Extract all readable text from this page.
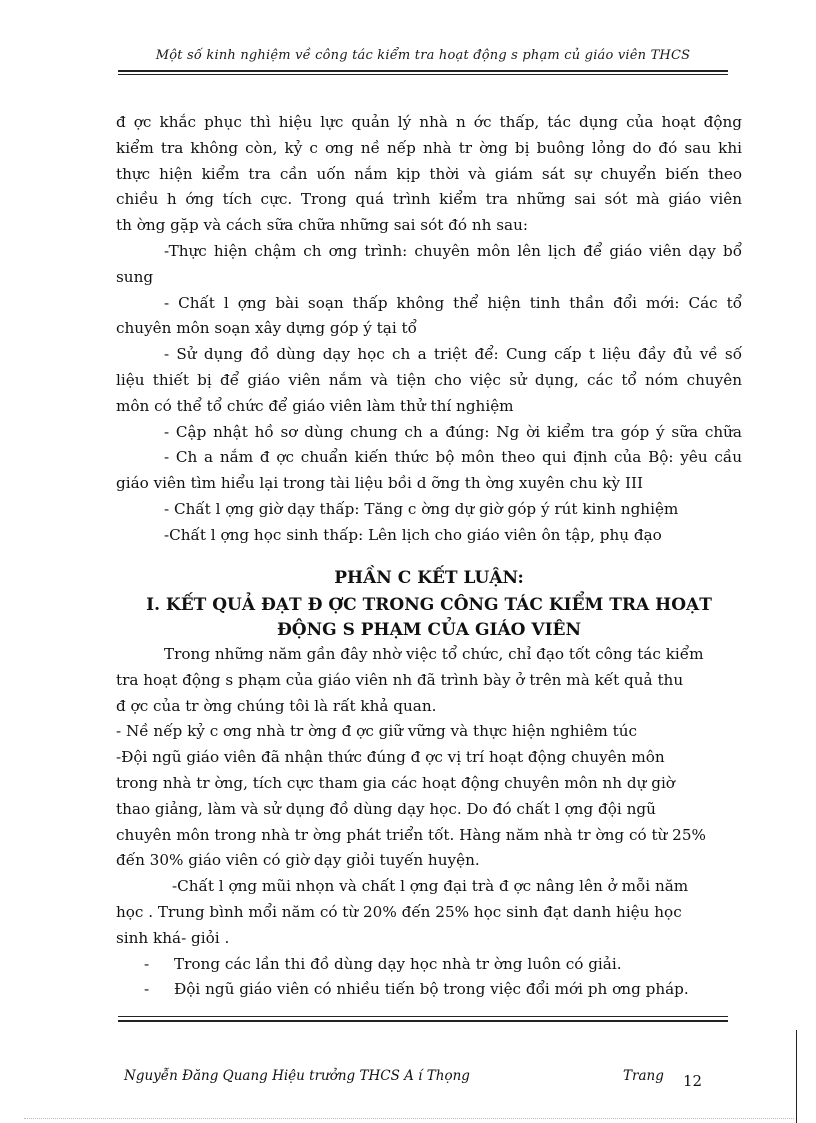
Một số kinh nghiệm về công tác kiểm tra hoạt động s phạm củ giáo viên THCS
đ ợc khắc phục thì hiệu lực quản lý nhà n ớc thấp, tác dụng của hoạt động
kiểm tra không còn, kỷ c ơng nề nếp nhà tr ờng bị buông lỏng do đó sau khi
thực hiện kiểm tra cần uốn nắm kịp thời và giám sát sự chuyển biến theo
chiều h ớng tích cực. Trong quá trình kiểm tra những sai sót mà giáo viên
th ờng gặp và cách sữa chữa những sai sót đó nh sau:
-Thực hiện chậm ch ơng trình: chuyên môn lên lịch để giáo viên dạy bổ
sung
- Chất l ợng bài soạn thấp không thể hiện tinh thần đổi mới: Các tổ
chuyên môn soạn xây dựng góp ý tại tổ
- Sử dụng đồ dùng dạy học ch a triệt để: Cung cấp t liệu đầy đủ về số
liệu thiết bị để giáo viên nắm và tiện cho việc sử dụng, các tổ nóm chuyên
môn có thể tổ chức để giáo viên làm thử thí nghiệm
- Cập nhật hồ sơ dùng chung ch a đúng: Ng ời kiểm tra góp ý sữa chữa
- Ch a nắm đ ợc chuẩn kiến thức bộ môn theo qui định của Bộ: yêu cầu
giáo viên tìm hiểu lại trong tài liệu bồi d ỡng th ờng xuyên chu kỳ III
- Chất l ợng giờ dạy thấp: Tăng c ờng dự giờ góp ý rút kinh nghiệm
-Chất l ợng học sinh thấp: Lên lịch cho giáo viên ôn tập, phụ đạo
PHẦN C KẾT LUẬN:
I. KẾT QUẢ ĐẠT Đ ỢC TRONG CÔNG TÁC KIỂM TRA HOẠT
ĐỘNG S PHẠM CỦA GIÁO VIÊN
Trong những năm gần đây nhờ việc tổ chức, chỉ đạo tốt công tác kiểm
tra hoạt động s phạm của giáo viên nh đã trình bày ở trên mà kết quả thu
đ ợc của tr ờng chúng tôi là rất khả quan.
- Nề nếp kỷ c ơng nhà tr ờng đ ợc giữ vững và thực hiện nghiêm túc
-Đội ngũ giáo viên đã nhận thức đúng đ ợc vị trí hoạt động chuyên môn
trong nhà tr ờng, tích cực tham gia các hoạt động chuyên môn nh dự giờ
thao giảng, làm và sử dụng đồ dùng dạy học. Do đó chất l ợng đội ngũ
chuyên môn trong nhà tr ờng phát triển tốt. Hàng năm nhà tr ờng có từ 25%
đến 30% giáo viên có giờ dạy giỏi tuyến huyện.
-Chất l ợng mũi nhọn và chất l ợng đại trà đ ợc nâng lên ở mỗi năm
học . Trung bình mổi năm có từ 20% đến 25% học sinh đạt danh hiệu học
sinh khá- giỏi .
- Trong các lần thi đồ dùng dạy học nhà tr ờng luôn có giải.
- Đội ngũ giáo viên có nhiều tiến bộ trong việc đổi mới ph ơng pháp.
Nguyễn Đăng Quang Hiệu trưởng THCS A í Thọng	Trang 12
